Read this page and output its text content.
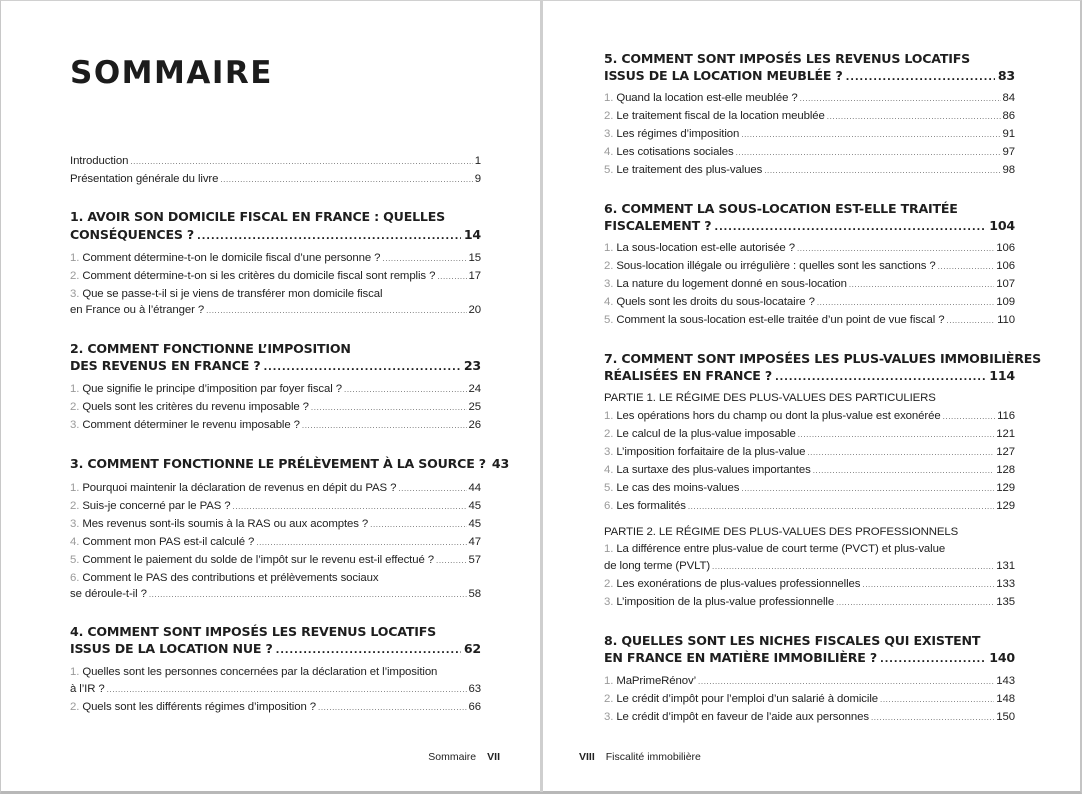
SOMMAIRE
Introduction .....	1
Présentation générale du livre .....	9
1. AVOIR SON DOMICILE FISCAL EN FRANCE : QUELLES
CONSÉQUENCES ? .....	14
1. Comment détermine-t-on le domicile fiscal d’une personne ? .....	15
2. Comment détermine-t-on si les critères du domicile fiscal sont remplis ? .....	17
3. Que se passe-t-il si je viens de transférer mon domicile fiscal
en France ou à l’étranger ? .....	20
2. COMMENT FONCTIONNE L’IMPOSITION
DES REVENUS EN FRANCE ? .....	23
1. Que signifie le principe d’imposition par foyer fiscal ? .....	24
2. Quels sont les critères du revenu imposable ? .....	25
3. Comment déterminer le revenu imposable ? .....	26
3. COMMENT FONCTIONNE LE PRÉLÈVEMENT À LA SOURCE ? 43
1. Pourquoi maintenir la déclaration de revenus en dépit du PAS ? .....	44
2. Suis-je concerné par le PAS ? .....	45
3. Mes revenus sont-ils soumis à la RAS ou aux acomptes ? .....	45
4. Comment mon PAS est-il calculé ? .....	47
5. Comment le paiement du solde de l’impôt sur le revenu est-il effectué ? .....	57
6. Comment le PAS des contributions et prélèvements sociaux
se déroule-t-il ? .....	58
4. COMMENT SONT IMPOSÉS LES REVENUS LOCATIFS
ISSUS DE LA LOCATION NUE ? .....	62
1. Quelles sont les personnes concernées par la déclaration et l’imposition
à l’IR ? .....	63
2. Quels sont les différents régimes d’imposition ? .....	66
Sommaire VII
5. COMMENT SONT IMPOSÉS LES REVENUS LOCATIFS
ISSUS DE LA LOCATION MEUBLÉE ? .....	83
1. Quand la location est-elle meublée ? .....	84
2. Le traitement fiscal de la location meublée .....	86
3. Les régimes d’imposition .....	91
4. Les cotisations sociales .....	97
5. Le traitement des plus-values .....	98
6. COMMENT LA SOUS-LOCATION EST-ELLE TRAITÉE
FISCALEMENT ? .....	104
1. La sous-location est-elle autorisée ? .....	106
2. Sous-location illégale ou irrégulière : quelles sont les sanctions ? .....	106
3. La nature du logement donné en sous-location .....	107
4. Quels sont les droits du sous-locataire ? .....	109
5. Comment la sous-location est-elle traitée d’un point de vue fiscal ? .....	110
7. COMMENT SONT IMPOSÉES LES PLUS-VALUES IMMOBILIÈRES
RÉALISÉES EN FRANCE ? .....	114
PARTIE 1. LE RÉGIME DES PLUS-VALUES DES PARTICULIERS
1. Les opérations hors du champ ou dont la plus-value est exonérée .....	116
2. Le calcul de la plus-value imposable .....	121
3. L’imposition forfaitaire de la plus-value .....	127
4. La surtaxe des plus-values importantes .....	128
5. Le cas des moins-values .....	129
6. Les formalités .....	129
PARTIE 2. LE RÉGIME DES PLUS-VALUES DES PROFESSIONNELS
1. La différence entre plus-value de court terme (PVCT) et plus-value
de long terme (PVLT) .....	131
2. Les exonérations de plus-values professionnelles .....	133
3. L’imposition de la plus-value professionnelle .....	135
8. QUELLES SONT LES NICHES FISCALES QUI EXISTENT
EN FRANCE EN MATIÈRE IMMOBILIÈRE ? .....	140
1. MaPrimeRénov’ .....	143
2. Le crédit d’impôt pour l’emploi d’un salarié à domicile .....	148
3. Le crédit d’impôt en faveur de l’aide aux personnes .....	150
VIII Fiscalité immobilière
